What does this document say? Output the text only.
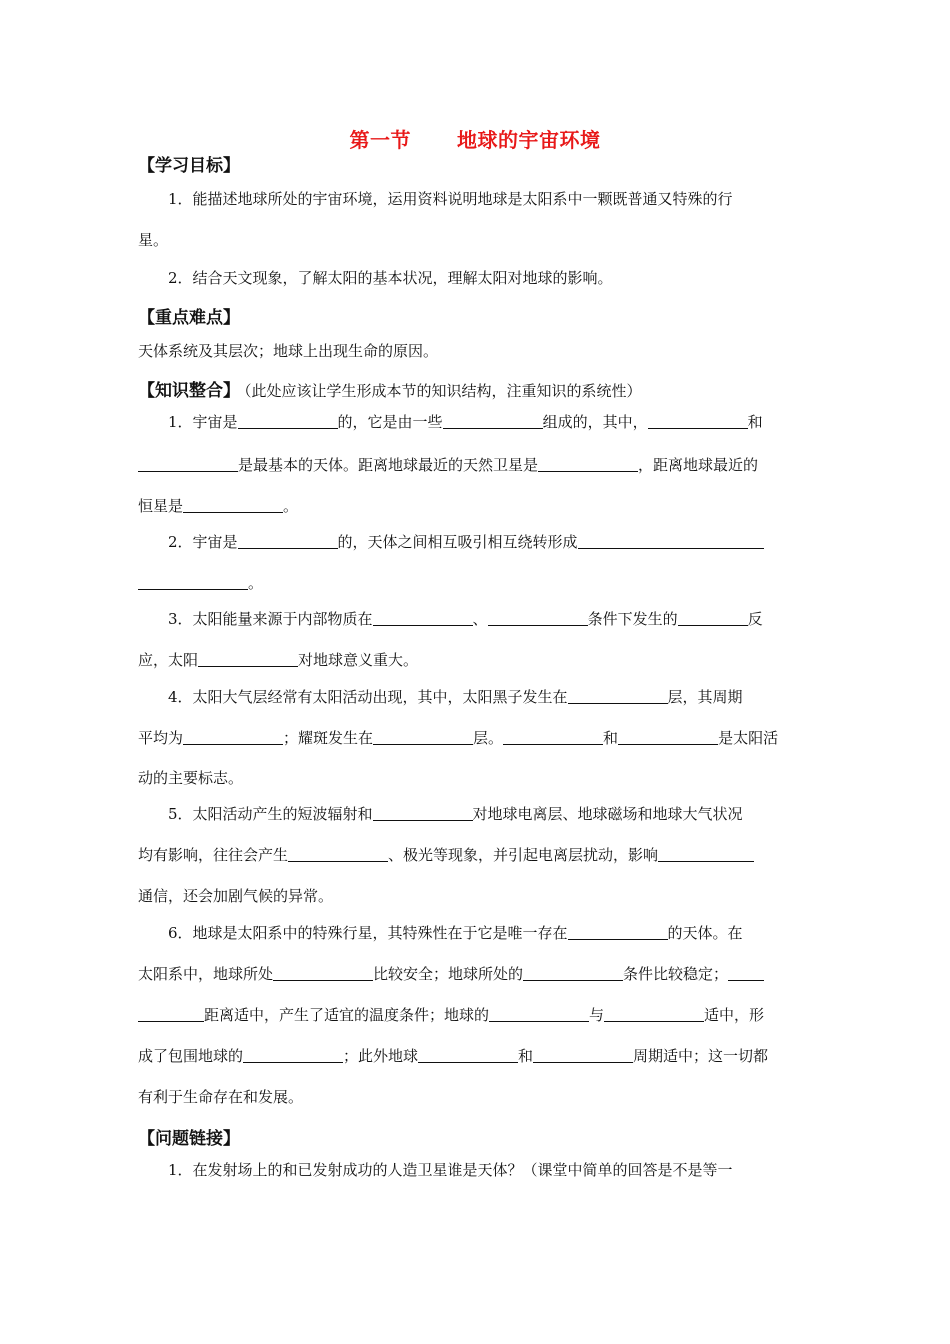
第一节 地球的宇宙环境
【学习目标】
1．能描述地球所处的宇宙环境，运用资料说明地球是太阳系中一颗既普通又特殊的行
星。
2．结合天文现象，了解太阳的基本状况，理解太阳对地球的影响。
【重点难点】
天体系统及其层次；地球上出现生命的原因。
【知识整合】 （此处应该让学生形成本节的知识结构，注重知识的系统性）
1．宇宙是	的，它是由一些	组成的，其中，	和
是最基本的天体。距离地球最近的天然卫星是	，距离地球最近的
恒星是	。
2．宇宙是	的，天体之间相互吸引相互绕转形成
。
3．太阳能量来源于内部物质在	、	条件下发生的	反
应，太阳	对地球意义重大。
4．太阳大气层经常有太阳活动出现，其中，太阳黑子发生在	层，其周期
平均为	；耀斑发生在	层。	和	是太阳活
动的主要标志。
5．太阳活动产生的短波辐射和	对地球电离层、地球磁场和地球大气状况
均有影响，往往会产生	、极光等现象，并引起电离层扰动，影响
通信，还会加剧气候的异常。
6．地球是太阳系中的特殊行星，其特殊性在于它是唯一存在	的天体。在
太阳系中，地球所处	比较安全；地球所处的	条件比较稳定；
距离适中，产生了适宜的温度条件；地球的	与	适中，形
成了包围地球的	；此外地球	和	周期适中；这一切都
有利于生命存在和发展。
【问题链接】
1．在发射场上的和已发射成功的人造卫星谁是天体？（课堂中简单的回答是不是等一
